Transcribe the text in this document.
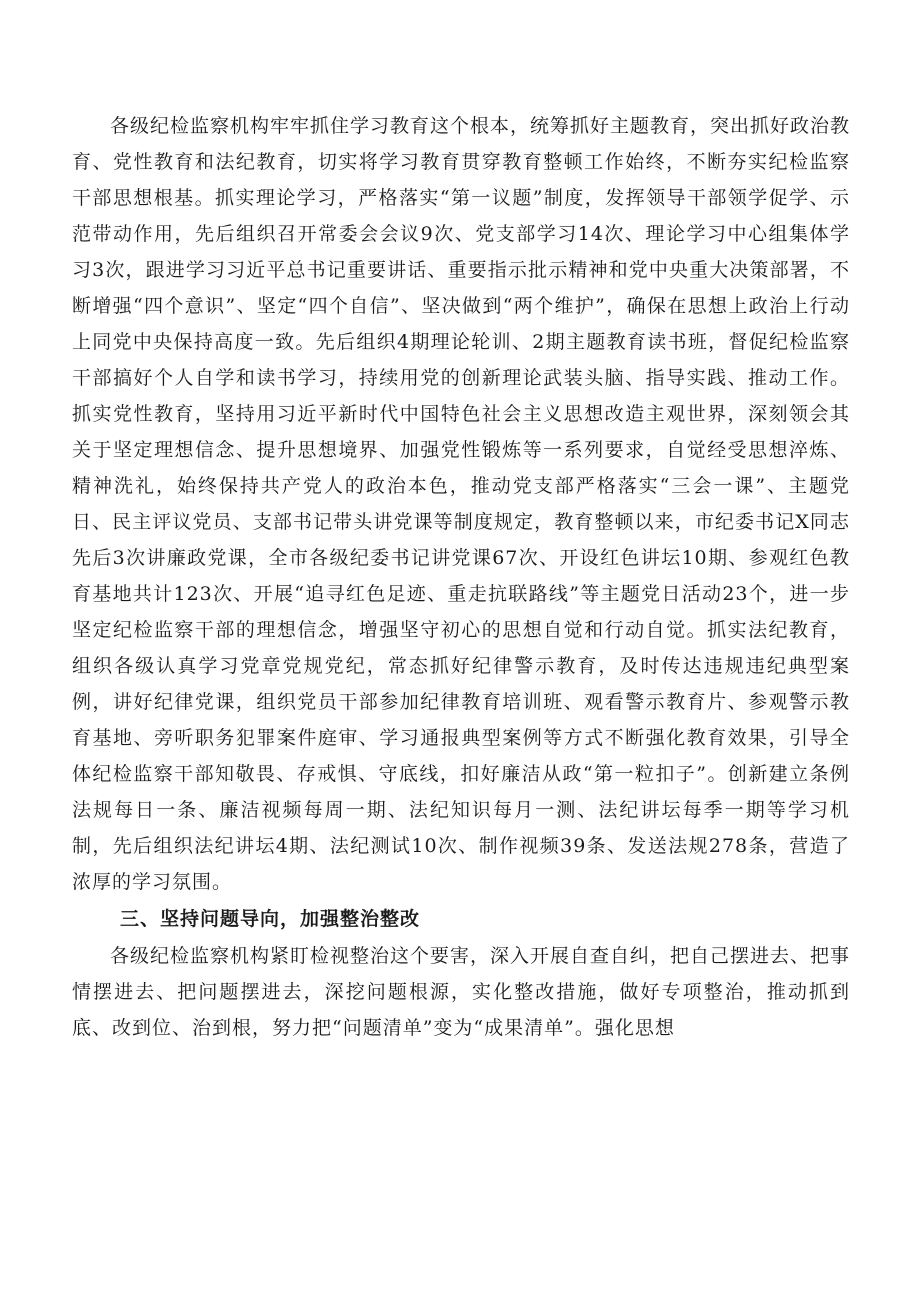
各级纪检监察机构牢牢抓住学习教育这个根本，统筹抓好主题教育，突出抓好政治教育、党性教育和法纪教育，切实将学习教育贯穿教育整顿工作始终，不断夯实纪检监察干部思想根基。抓实理论学习，严格落实“第一议题”制度，发挥领导干部领学促学、示范带动作用，先后组织召开常委会会议9次、党支部学习14次、理论学习中心组集体学习3次，跟进学习习近平总书记重要讲话、重要指示批示精神和党中央重大决策部署，不断增强“四个意识”、坚定“四个自信”、坚决做到“两个维护”，确保在思想上政治上行动上同党中央保持高度一致。先后组织4期理论轮训、2期主题教育读书班，督促纪检监察干部搞好个人自学和读书学习，持续用党的创新理论武装头脑、指导实践、推动工作。抓实党性教育，坚持用习近平新时代中国特色社会主义思想改造主观世界，深刻领会其关于坚定理想信念、提升思想境界、加强党性锻炼等一系列要求，自觉经受思想淬炼、精神洗礼，始终保持共产党人的政治本色，推动党支部严格落实“三会一课”、主题党日、民主评议党员、支部书记带头讲党课等制度规定，教育整顿以来，市纪委书记X同志先后3次讲廉政党课，全市各级纪委书记讲党课67次、开设红色讲坛10期、参观红色教育基地共计123次、开展“追寻红色足迹、重走抗联路线”等主题党日活动23个，进一步坚定纪检监察干部的理想信念，增强坚守初心的思想自觉和行动自觉。抓实法纪教育，组织各级认真学习党章党规党纪，常态抓好纪律警示教育，及时传达违规违纪典型案例，讲好纪律党课，组织党员干部参加纪律教育培训班、观看警示教育片、参观警示教育基地、旁听职务犯罪案件庭审、学习通报典型案例等方式不断强化教育效果，引导全体纪检监察干部知敬畏、存戒惧、守底线，扣好廉洁从政“第一粒扣子”。创新建立条例法规每日一条、廉洁视频每周一期、法纪知识每月一测、法纪讲坛每季一期等学习机制，先后组织法纪讲坛4期、法纪测试10次、制作视频39条、发送法规278条，营造了浓厚的学习氛围。

三、坚持问题导向，加强整治整改

各级纪检监察机构紧盯检视整治这个要害，深入开展自查自纠，把自己摆进去、把事情摆进去、把问题摆进去，深挖问题根源，实化整改措施，做好专项整治，推动抓到底、改到位、治到根，努力把“问题清单”变为“成果清单”。强化思想
